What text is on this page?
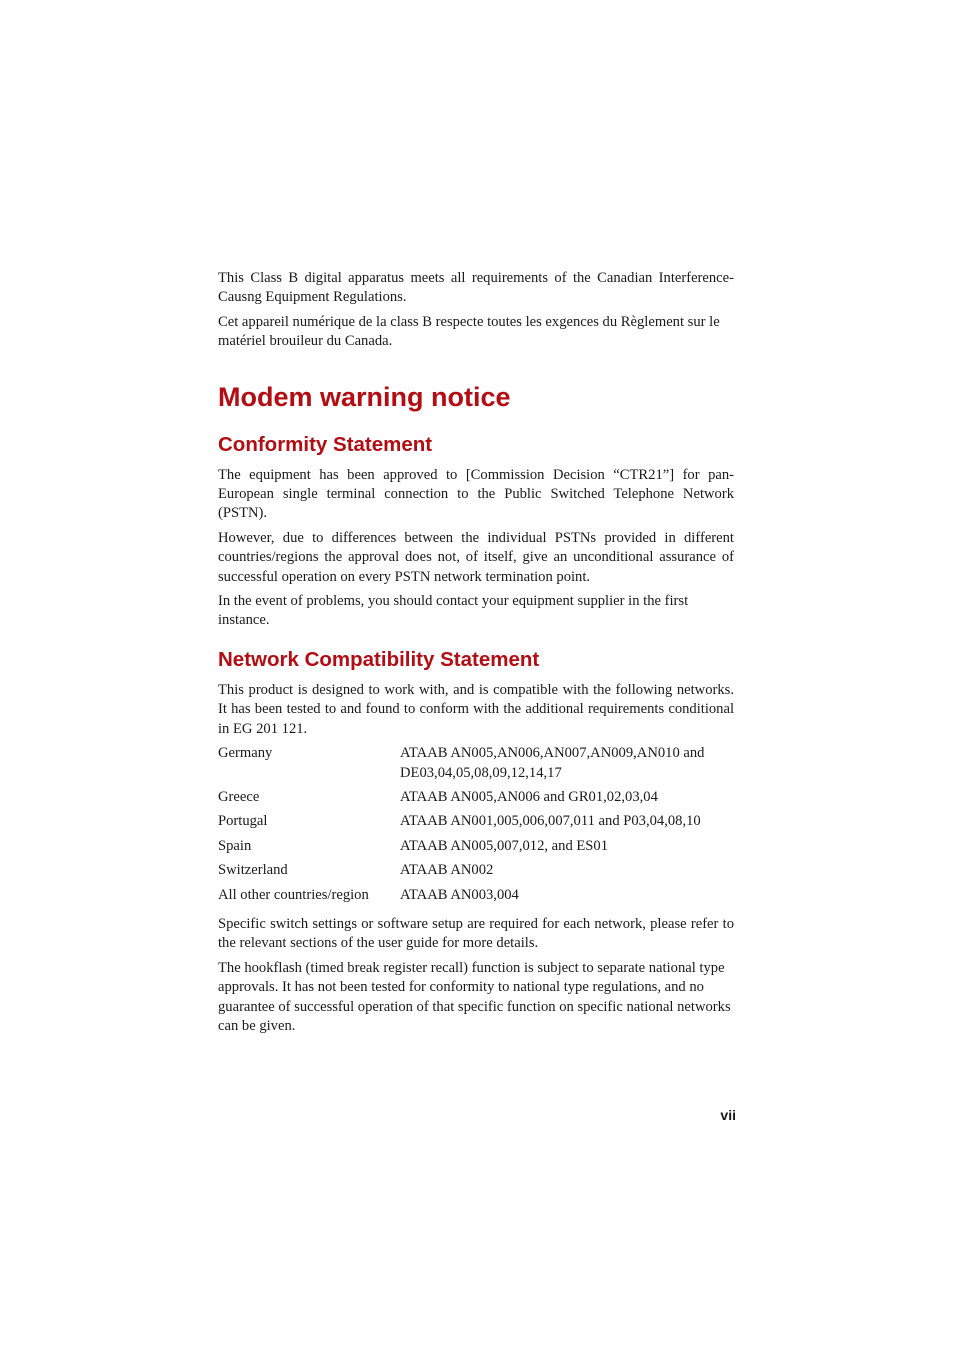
This Class B digital apparatus meets all requirements of the Canadian Interference-Causng Equipment Regulations.

Cet appareil numérique de la class B respecte toutes les exgences du Règlement sur le matériel brouileur du Canada.

Modem warning notice
Conformity Statement

The equipment has been approved to [Commission Decision “CTR21”] for pan-European single terminal connection to the Public Switched Telephone Network (PSTN).

However, due to differences between the individual PSTNs provided in different countries/regions the approval does not, of itself, give an unconditional assurance of successful operation on every PSTN network termination point.

In the event of problems, you should contact your equipment supplier in the first instance.

Network Compatibility Statement

This product is designed to work with, and is compatible with the following networks. It has been tested to and found to conform with the additional requirements conditional in EG 201 121.

Germany	ATAAB AN005,AN006,AN007,AN009,AN010 and DE03,04,05,08,09,12,14,17
Greece	ATAAB AN005,AN006 and GR01,02,03,04
Portugal	ATAAB AN001,005,006,007,011 and P03,04,08,10
Spain	ATAAB AN005,007,012, and ES01
Switzerland	ATAAB AN002
All other countries/region	ATAAB AN003,004

Specific switch settings or software setup are required for each network, please refer to the relevant sections of the user guide for more details.

The hookflash (timed break register recall) function is subject to separate national type approvals. It has not been tested for conformity to national type regulations, and no guarantee of successful operation of that specific function on specific national networks can be given.

vii
